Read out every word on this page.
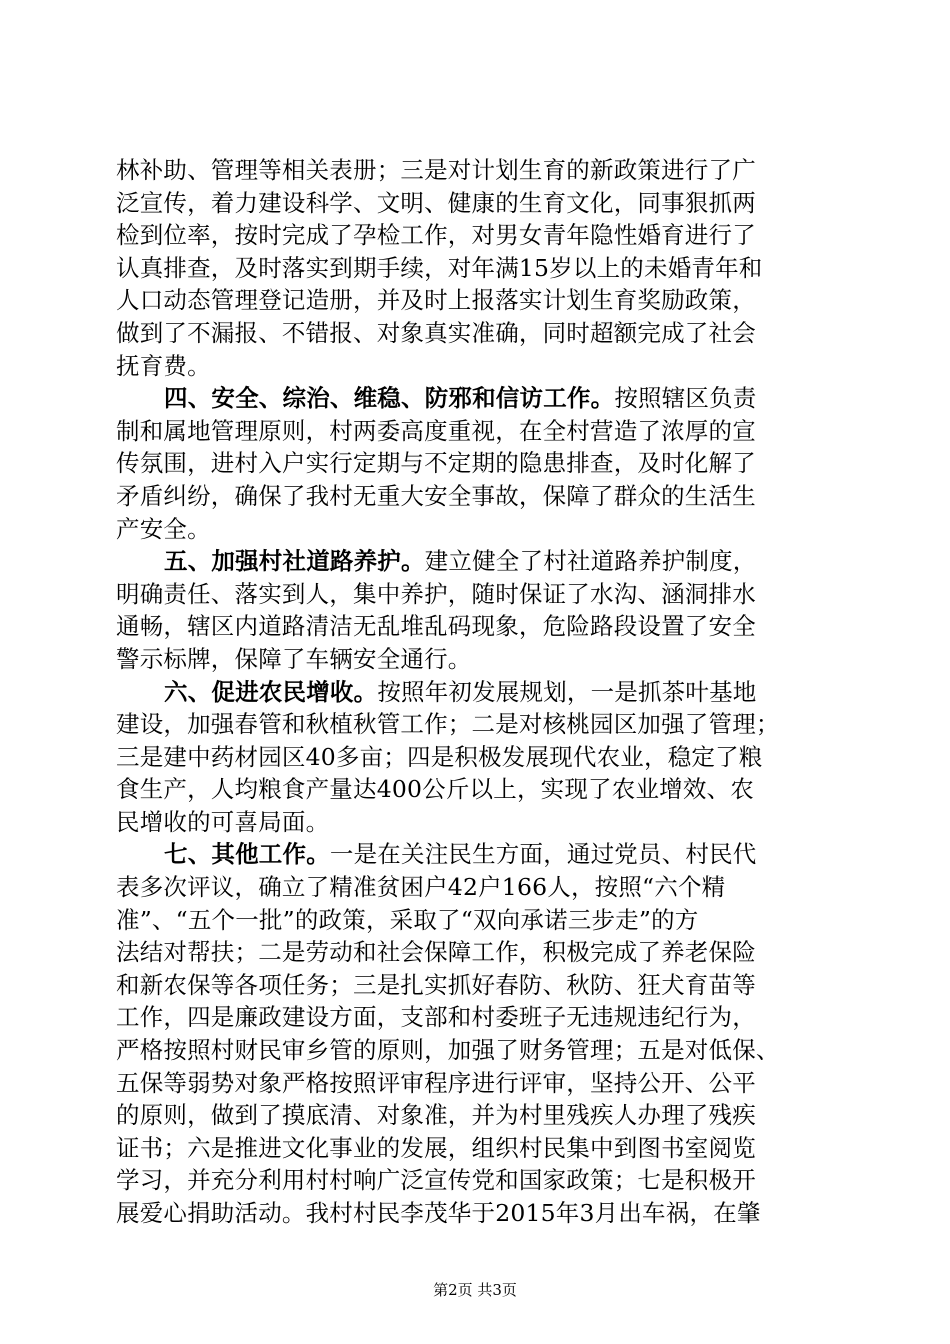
林补助、管理等相关表册；三是对计划生育的新政策进行了广
泛宣传，着力建设科学、文明、健康的生育文化，同事狠抓两
检到位率，按时完成了孕检工作，对男女青年隐性婚育进行了
认真排查，及时落实到期手续，对年满15岁以上的未婚青年和
人口动态管理登记造册，并及时上报落实计划生育奖励政策，
做到了不漏报、不错报、对象真实准确，同时超额完成了社会
抚育费。
四、安全、综治、维稳、防邪和信访工作。按照辖区负责
制和属地管理原则，村两委高度重视，在全村营造了浓厚的宣
传氛围，进村入户实行定期与不定期的隐患排查，及时化解了
矛盾纠纷，确保了我村无重大安全事故，保障了群众的生活生
产安全。
五、加强村社道路养护。建立健全了村社道路养护制度，
明确责任、落实到人，集中养护，随时保证了水沟、涵洞排水
通畅，辖区内道路清洁无乱堆乱码现象，危险路段设置了安全
警示标牌，保障了车辆安全通行。
六、促进农民增收。按照年初发展规划，一是抓茶叶基地
建设，加强春管和秋植秋管工作；二是对核桃园区加强了管理；
三是建中药材园区40多亩；四是积极发展现代农业，稳定了粮
食生产，人均粮食产量达400公斤以上，实现了农业增效、农
民增收的可喜局面。
七、其他工作。一是在关注民生方面，通过党员、村民代
表多次评议，确立了精准贫困户42户166人，按照“六个精
准”、“五个一批”的政策，采取了“双向承诺三步走”的方
法结对帮扶；二是劳动和社会保障工作，积极完成了养老保险
和新农保等各项任务；三是扎实抓好春防、秋防、狂犬育苗等
工作，四是廉政建设方面，支部和村委班子无违规违纪行为，
严格按照村财民审乡管的原则，加强了财务管理；五是对低保、
五保等弱势对象严格按照评审程序进行评审，坚持公开、公平
的原则，做到了摸底清、对象准，并为村里残疾人办理了残疾
证书；六是推进文化事业的发展，组织村民集中到图书室阅览
学习，并充分利用村村响广泛宣传党和国家政策；七是积极开
展爱心捐助活动。我村村民李茂华于2015年3月出车祸，在肇
第2页 共3页
